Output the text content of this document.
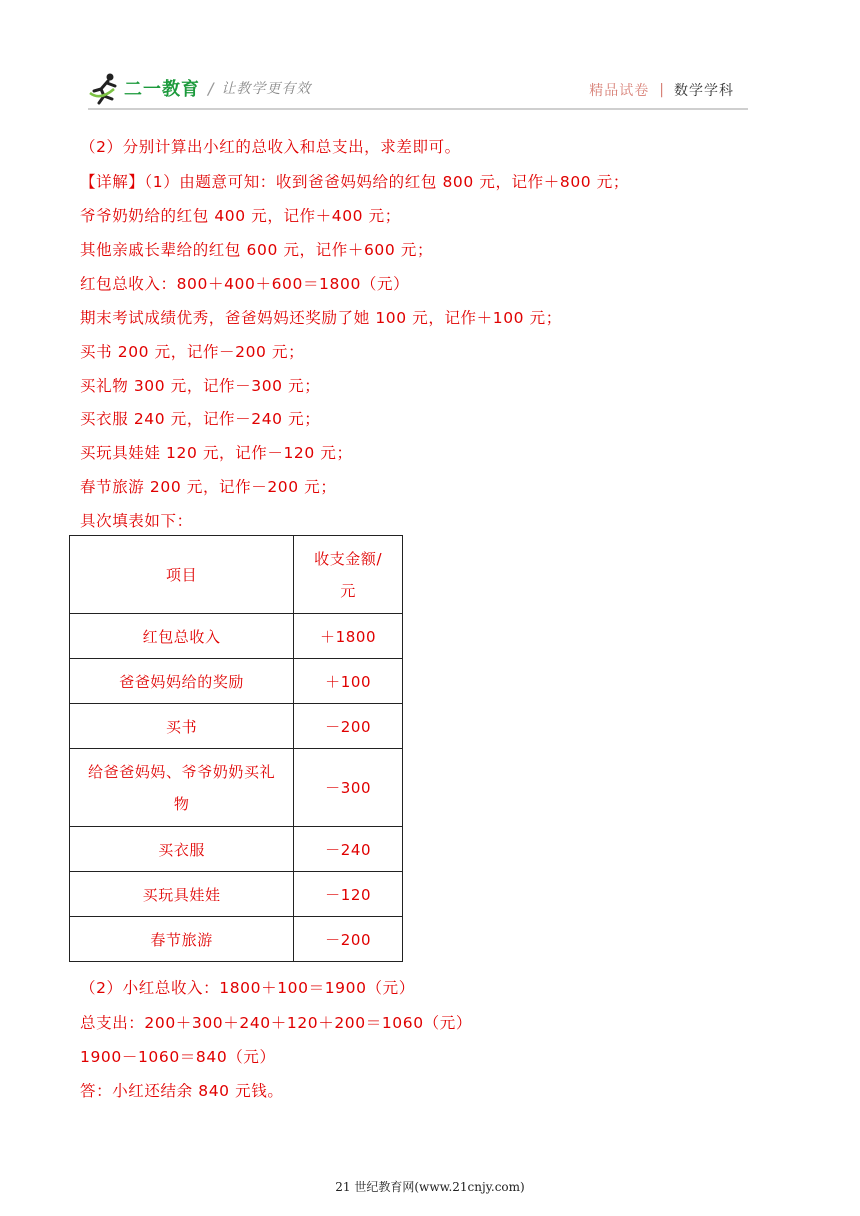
二一教育 / 让教学更有效	精品试卷 | 数学学科
（2）分别计算出小红的总收入和总支出，求差即可。
【详解】（1）由题意可知：收到爸爸妈妈给的红包 800 元，记作＋800 元；
爷爷奶奶给的红包 400 元，记作＋400 元；
其他亲戚长辈给的红包 600 元，记作＋600 元；
红包总收入：800＋400＋600＝1800（元）
期末考试成绩优秀，爸爸妈妈还奖励了她 100 元，记作＋100 元；
买书 200 元，记作－200 元；
买礼物 300 元，记作－300 元；
买衣服 240 元，记作－240 元；
买玩具娃娃 120 元，记作－120 元；
春节旅游 200 元，记作－200 元；
具次填表如下：
项目	收支金额/
元

红包总收入	＋1800
爸爸妈妈给的奖励	＋100
买书	－200

给爸爸妈妈、爷爷奶奶买礼
物	－300
买衣服	－240
买玩具娃娃	－120
春节旅游	－200
（2）小红总收入：1800＋100＝1900（元）
总支出：200＋300＋240＋120＋200＝1060（元）
1900－1060＝840（元）
答：小红还结余 840 元钱。
21 世纪教育网(www.21cnjy.com)
